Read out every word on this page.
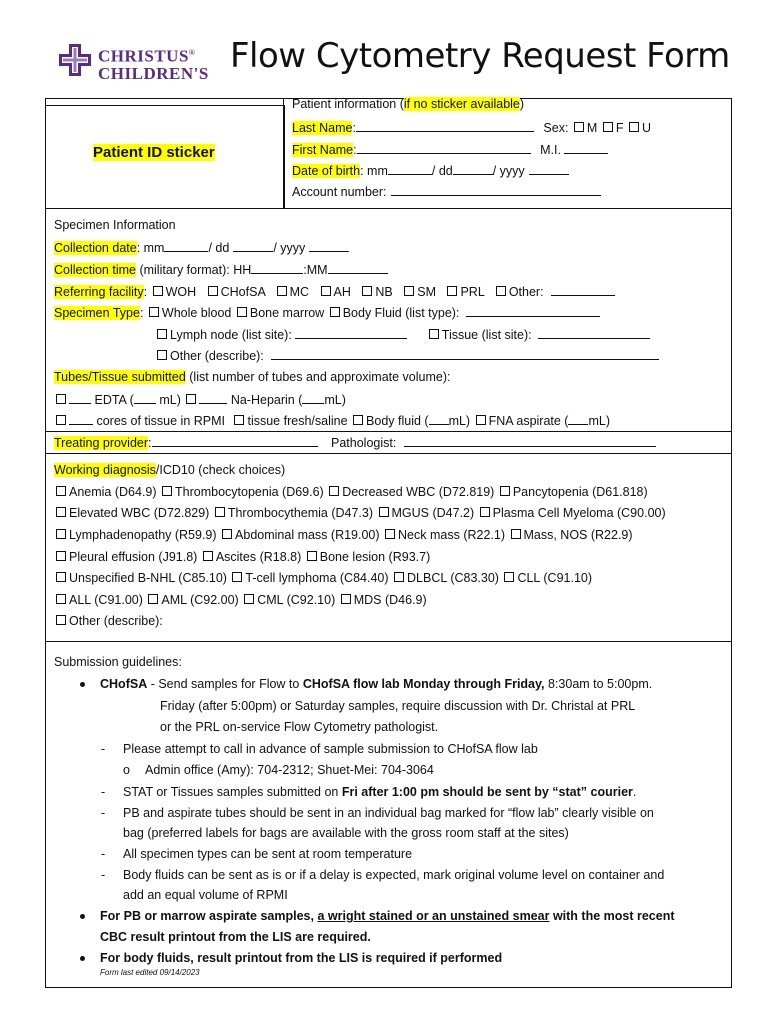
CHRISTUS®
CHILDREN'S Flow Cytometry Request Form
Patient ID sticker
Patient information (if no sticker available)
Last Name:	Sex: M F U
First Name:	M.I.
Date of birth: mm	/ dd	/ yyyy
Account number:
Specimen Information
Collection date: mm	/ dd	/ yyyy
Collection time (military format): HH	:MM
Referring facility: WOH CHofSA MC AH NB SM PRL Other:
Specimen Type: Whole blood Bone marrow Body Fluid (list type):
Lymph node (list site):	Tissue (list site):
Other (describe):
Tubes/Tissue submitted (list number of tubes and approximate volume):
EDTA ( mL)	Na-Heparin ( mL)
cores of tissue in RPMI tissue fresh/saline Body fluid ( mL) FNA aspirate ( mL)
Treating provider:	Pathologist:
Working diagnosis/ICD10 (check choices)
Anemia (D64.9) Thrombocytopenia (D69.6) Decreased WBC (D72.819) Pancytopenia (D61.818)
Elevated WBC (D72.829) Thrombocythemia (D47.3) MGUS (D47.2) Plasma Cell Myeloma (C90.00)
Lymphadenopathy (R59.9) Abdominal mass (R19.00) Neck mass (R22.1) Mass, NOS (R22.9)
Pleural effusion (J91.8) Ascites (R18.8) Bone lesion (R93.7)
Unspecified B-NHL (C85.10) T-cell lymphoma (C84.40) DLBCL (C83.30) CLL (C91.10)
ALL (C91.00) AML (C92.00) CML (C92.10) MDS (D46.9)
Other (describe):
Submission guidelines:
CHofSA - Send samples for Flow to CHofSA flow lab Monday through Friday, 8:30am to 5:00pm.
Friday (after 5:00pm) or Saturday samples, require discussion with Dr. Christal at PRL
or the PRL on-service Flow Cytometry pathologist.
- Please attempt to call in advance of sample submission to CHofSA flow lab
o Admin office (Amy): 704-2312; Shuet-Mei: 704-3064
- STAT or Tissues samples submitted on Fri after 1:00 pm should be sent by “stat” courier.
- PB and aspirate tubes should be sent in an individual bag marked for “flow lab” clearly visible on
bag (preferred labels for bags are available with the gross room staff at the sites)
- All specimen types can be sent at room temperature
- Body fluids can be sent as is or if a delay is expected, mark original volume level on container and
add an equal volume of RPMI
For PB or marrow aspirate samples, a wright stained or an unstained smear with the most recent
CBC result printout from the LIS are required.
For body fluids, result printout from the LIS is required if performed
Form last edited 09/14/2023
